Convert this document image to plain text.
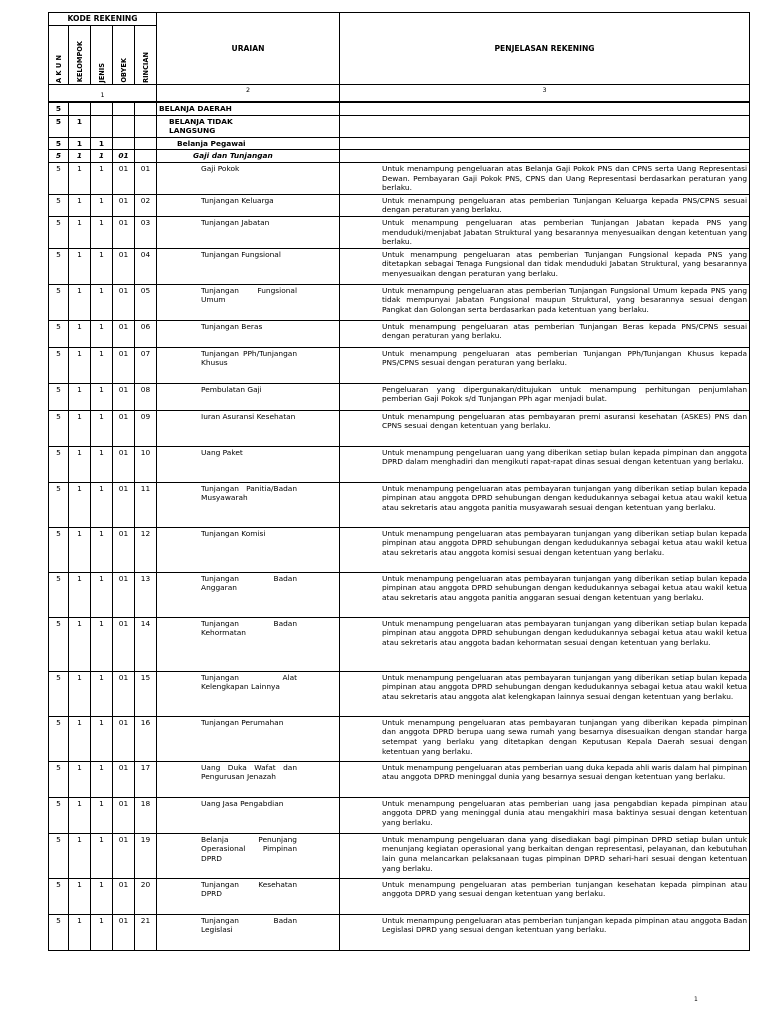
KODE REKENING					URAIAN	PENJELASAN REKENING

A K U N	KELOMPOK	JENIS	OBYEK	RINCIAN		

1					2	3
5					BELANJA DAERAH	
5	1				BELANJA TIDAK LANGSUNG	
5	1	1			Belanja Pegawai	
5	1	1	01		Gaji dan Tunjangan	
5	1	1	01	01	Gaji Pokok	Untuk menampung pengeluaran atas Belanja Gaji Pokok PNS dan CPNS serta Uang Representasi Dewan. Pembayaran Gaji Pokok PNS, CPNS dan Uang Representasi berdasarkan peraturan yang berlaku.
5	1	1	01	02	Tunjangan Keluarga	Untuk menampung pengeluaran atas pemberian Tunjangan Keluarga kepada PNS/CPNS sesuai dengan peraturan yang berlaku.
5	1	1	01	03	Tunjangan Jabatan	Untuk menampung pengeluaran atas pemberian Tunjangan Jabatan kepada PNS yang menduduki/menjabat Jabatan Struktural yang besarannya menyesuaikan dengan ketentuan yang berlaku.
5	1	1	01	04	Tunjangan Fungsional	Untuk menampung pengeluaran atas pemberian Tunjangan Fungsional kepada PNS yang ditetapkan sebagai Tenaga Fungsional dan tidak menduduki Jabatan Struktural, yang besarannya menyesuaikan dengan peraturan yang berlaku.
5	1	1	01	05	Tunjangan Fungsional Umum	Untuk menampung pengeluaran atas pemberian Tunjangan Fungsional Umum kepada PNS yang tidak mempunyai Jabatan Fungsional maupun Struktural, yang besarannya sesuai dengan Pangkat dan Golongan serta berdasarkan pada ketentuan yang berlaku.
5	1	1	01	06	Tunjangan Beras	Untuk menampung pengeluaran atas pemberian Tunjangan Beras kepada PNS/CPNS sesuai dengan peraturan yang berlaku.
5	1	1	01	07	Tunjangan PPh/Tunjangan Khusus	Untuk menampung pengeluaran atas pemberian Tunjangan PPh/Tunjangan Khusus kepada PNS/CPNS sesuai dengan peraturan yang berlaku.
5	1	1	01	08	Pembulatan Gaji	Pengeluaran yang dipergunakan/ditujukan untuk menampung perhitungan penjumlahan pemberian Gaji Pokok s/d Tunjangan PPh agar menjadi bulat.
5	1	1	01	09	Iuran Asuransi Kesehatan	Untuk menampung pengeluaran atas pembayaran premi asuransi kesehatan (ASKES) PNS dan CPNS sesuai dengan ketentuan yang berlaku.
5	1	1	01	10	Uang Paket	Untuk menampung pengeluaran uang yang diberikan setiap bulan kepada pimpinan dan anggota DPRD dalam menghadiri dan mengikuti rapat-rapat dinas sesuai dengan ketentuan yang berlaku.
5	1	1	01	11	Tunjangan Panitia/Badan Musyawarah	Untuk menampung pengeluaran atas pembayaran tunjangan yang diberikan setiap bulan kepada pimpinan atau anggota DPRD sehubungan dengan kedudukannya sebagai ketua atau wakil ketua atau sekretaris atau anggota panitia musyawarah sesuai dengan ketentuan yang berlaku.
5	1	1	01	12	Tunjangan Komisi	Untuk menampung pengeluaran atas pembayaran tunjangan yang diberikan setiap bulan kepada pimpinan atau anggota DPRD sehubungan dengan kedudukannya sebagai ketua atau wakil ketua atau sekretaris atau anggota komisi sesuai dengan ketentuan yang berlaku.
5	1	1	01	13	Tunjangan Badan Anggaran	Untuk menampung pengeluaran atas pembayaran tunjangan yang diberikan setiap bulan kepada pimpinan atau anggota DPRD sehubungan dengan kedudukannya sebagai ketua atau wakil ketua atau sekretaris atau anggota panitia anggaran sesuai dengan ketentuan yang berlaku.
5	1	1	01	14	Tunjangan Badan Kehormatan	Untuk menampung pengeluaran atas pembayaran tunjangan yang diberikan setiap bulan kepada pimpinan atau anggota DPRD sehubungan dengan kedudukannya sebagai ketua atau wakil ketua atau sekretaris atau anggota badan kehormatan sesuai dengan ketentuan yang berlaku.
5	1	1	01	15	Tunjangan Alat Kelengkapan Lainnya	Untuk menampung pengeluaran atas pembayaran tunjangan yang diberikan setiap bulan kepada pimpinan atau anggota DPRD sehubungan dengan kedudukannya sebagai ketua atau wakil ketua atau sekretaris atau anggota alat kelengkapan lainnya sesuai dengan ketentuan yang berlaku.
5	1	1	01	16	Tunjangan Perumahan	Untuk menampung pengeluaran atas pembayaran tunjangan yang diberikan kepada pimpinan dan anggota DPRD berupa uang sewa rumah yang besarnya disesuaikan dengan standar harga setempat yang berlaku yang ditetapkan dengan Keputusan Kepala Daerah sesuai dengan ketentuan yang berlaku.
5	1	1	01	17	Uang Duka Wafat dan Pengurusan Jenazah	Untuk menampung pengeluaran atas pemberian uang duka kepada ahli waris dalam hal pimpinan atau anggota DPRD meninggal dunia yang besarnya sesuai dengan ketentuan yang berlaku.
5	1	1	01	18	Uang Jasa Pengabdian	Untuk menampung pengeluaran atas pemberian uang jasa pengabdian kepada pimpinan atau anggota DPRD yang meninggal dunia atau mengakhiri masa baktinya sesuai dengan ketentuan yang berlaku.
5	1	1	01	19	Belanja Penunjang Operasional Pimpinan DPRD	Untuk menampung pengeluaran dana yang disediakan bagi pimpinan DPRD setiap bulan untuk menunjang kegiatan operasional yang berkaitan dengan representasi, pelayanan, dan kebutuhan lain guna melancarkan pelaksanaan tugas pimpinan DPRD sehari-hari sesuai dengan ketentuan yang berlaku.
5	1	1	01	20	Tunjangan Kesehatan DPRD	Untuk menampung pengeluaran atas pemberian tunjangan kesehatan kepada pimpinan atau anggota DPRD yang sesuai dengan ketentuan yang berlaku.
5	1	1	01	21	Tunjangan Badan Legislasi	Untuk menampung pengeluaran atas pemberian tunjangan kepada pimpinan atau anggota Badan Legislasi DPRD yang sesuai dengan ketentuan yang berlaku.
1
